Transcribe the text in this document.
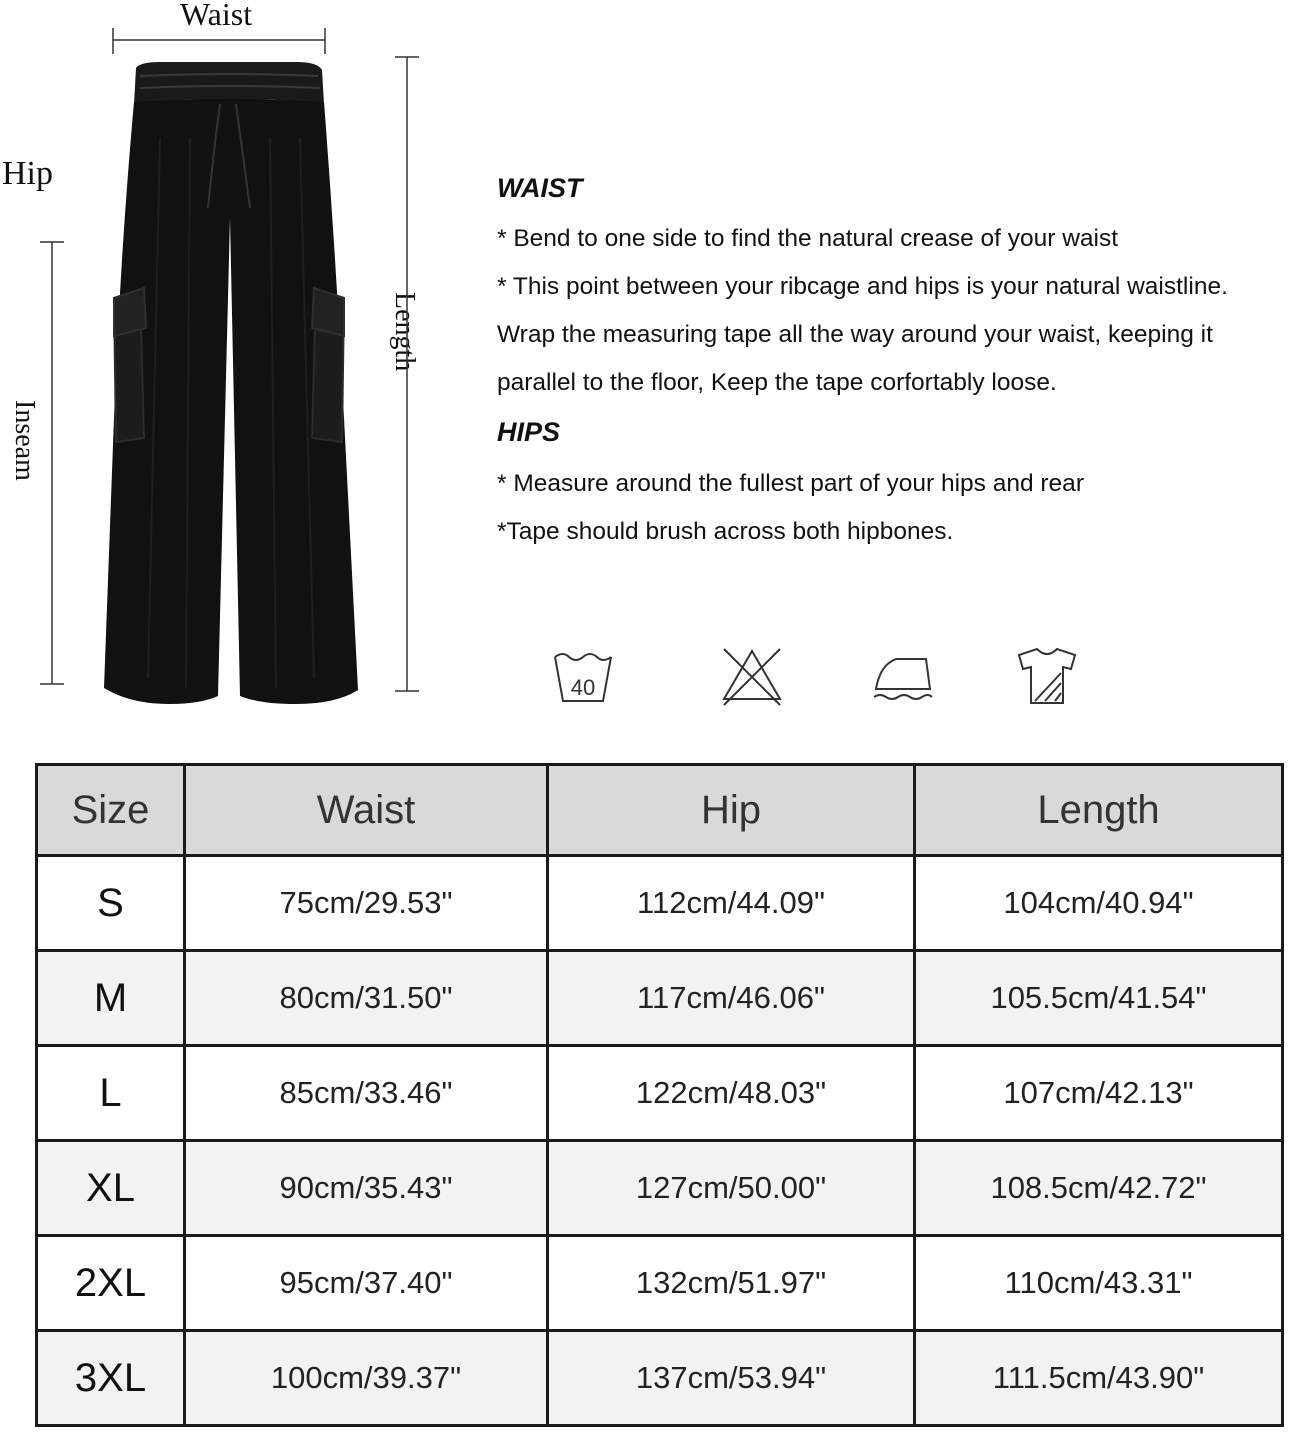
Waist
Hip
Length
Inseam
WAIST
* Bend to one side to find the natural crease of your waist
* This point between your ribcage and hips is your natural waistline.
Wrap the measuring tape all the way around your waist, keeping it
parallel to the floor, Keep the tape corfortably loose.
HIPS
* Measure around the fullest part of your hips and rear
*Tape should brush across both hipbones.
40
Size	Waist	Hip	Length
S	75cm/29.53"	112cm/44.09"	104cm/40.94"
M	80cm/31.50"	117cm/46.06"	105.5cm/41.54"
L	85cm/33.46"	122cm/48.03"	107cm/42.13"
XL	90cm/35.43"	127cm/50.00"	108.5cm/42.72"
2XL	95cm/37.40"	132cm/51.97"	110cm/43.31"
3XL	100cm/39.37"	137cm/53.94"	111.5cm/43.90"
